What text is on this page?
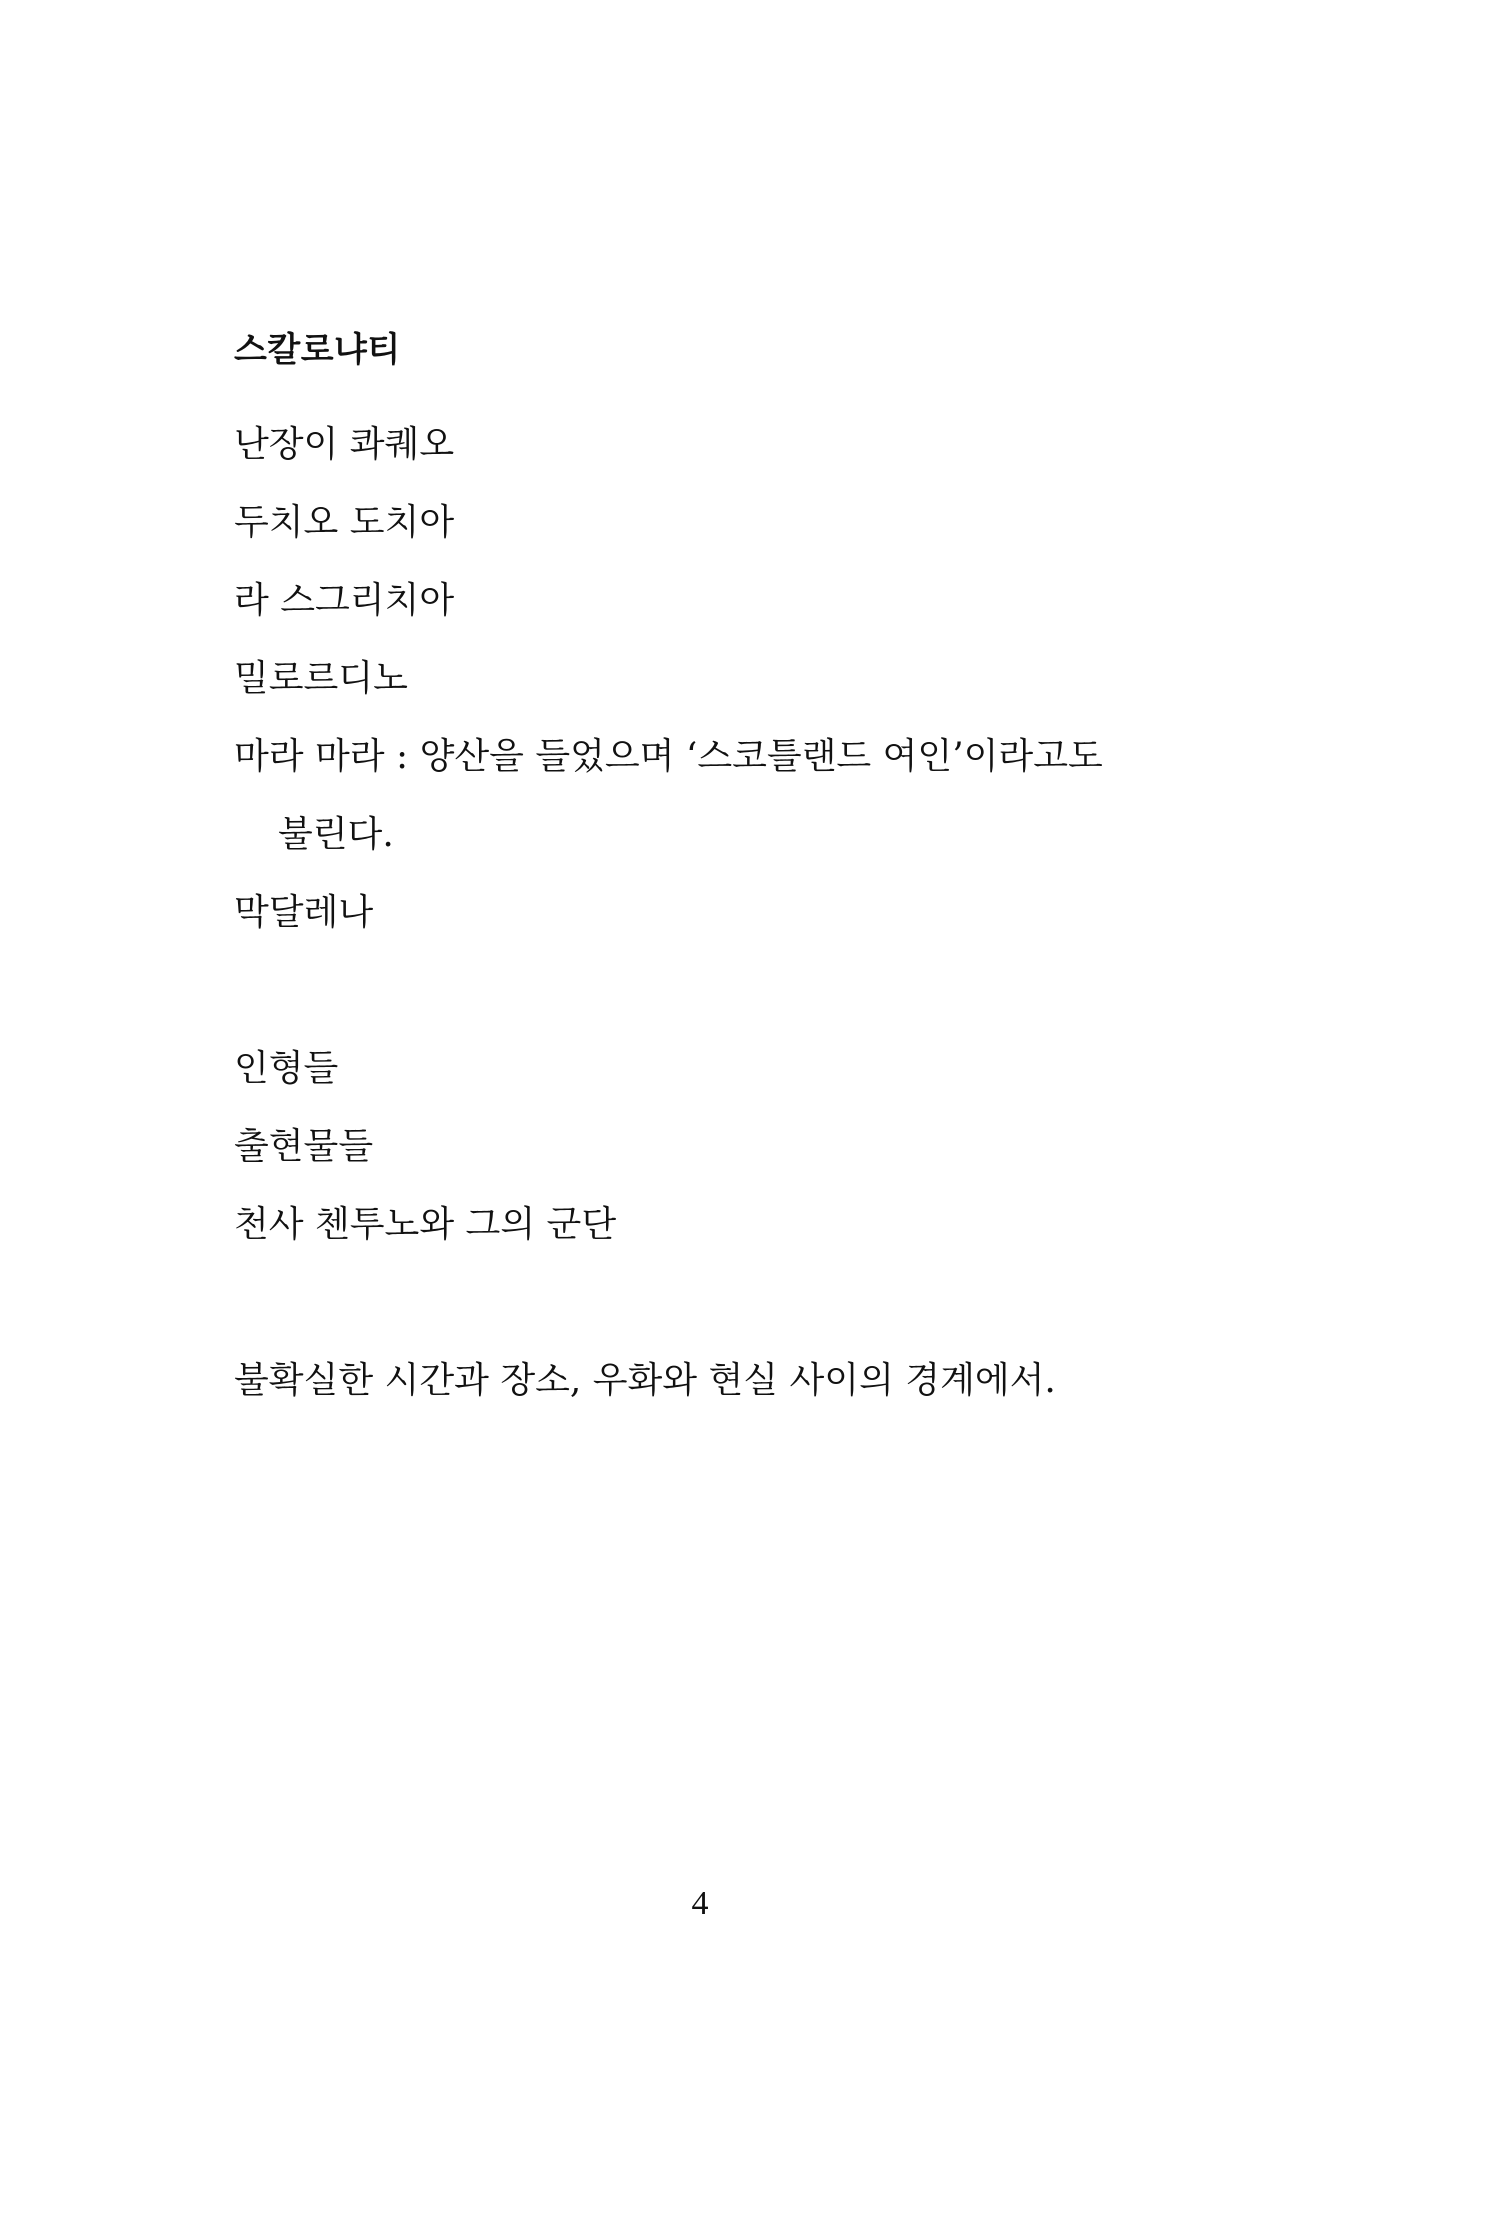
스칼로냐티
난장이 콰퀘오
두치오 도치아
라 스그리치아
밀로르디노
마라 마라 : 양산을 들었으며 ‘스코틀랜드 여인’이라고도
불린다.
막달레나
인형들
출현물들
천사 첸투노와 그의 군단
불확실한 시간과 장소, 우화와 현실 사이의 경계에서.
4
